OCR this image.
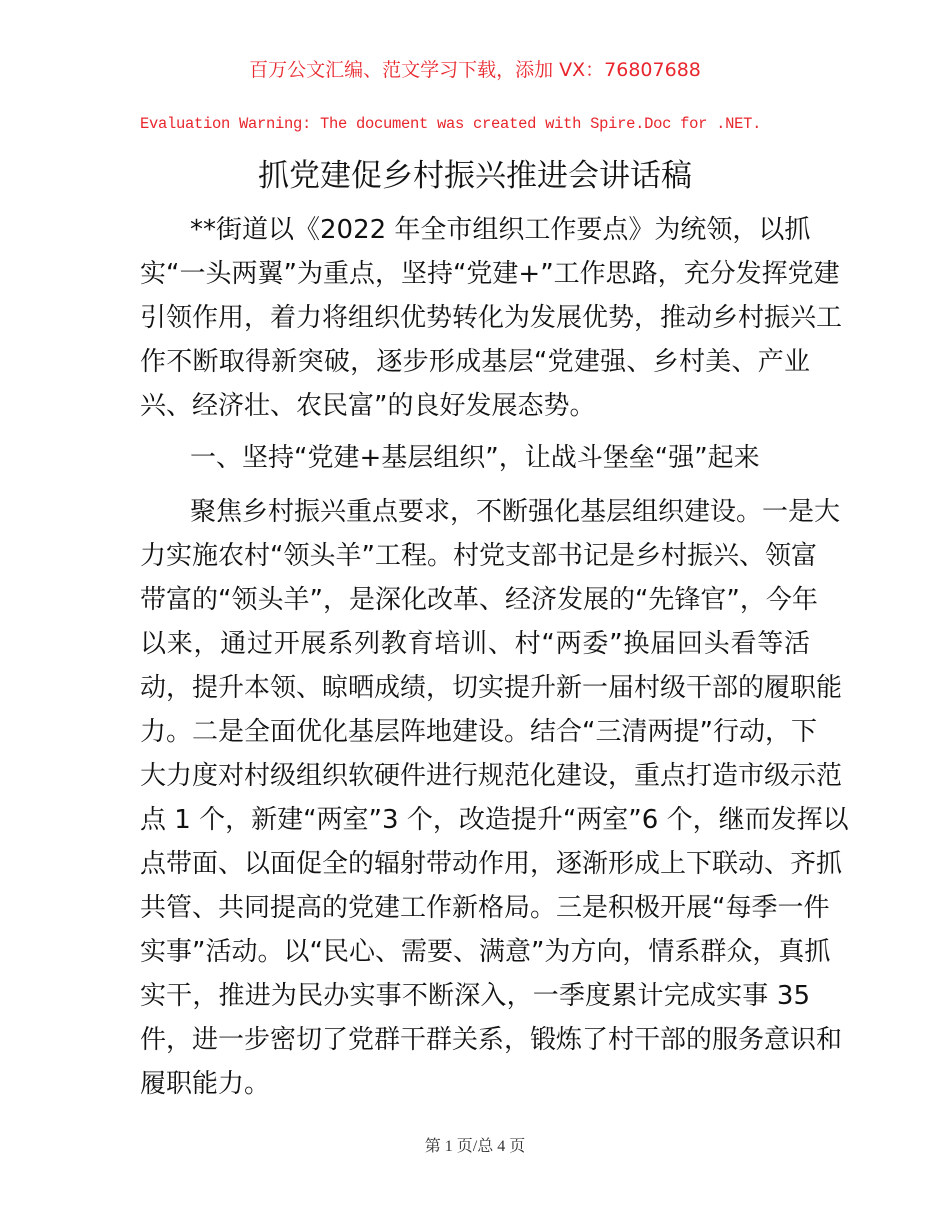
百万公文汇编、范文学习下载，添加 VX：76807688
Evaluation Warning: The document was created with Spire.Doc for .NET.
抓党建促乡村振兴推进会讲话稿
**街道以《2022 年全市组织工作要点》为统领，以抓
实“一头两翼”为重点，坚持“党建+”工作思路，充分发挥党建
引领作用，着力将组织优势转化为发展优势，推动乡村振兴工
作不断取得新突破，逐步形成基层“党建强、乡村美、产业
兴、经济壮、农民富”的良好发展态势。
一、坚持“党建+基层组织”，让战斗堡垒“强”起来
聚焦乡村振兴重点要求，不断强化基层组织建设。一是大
力实施农村“领头羊”工程。村党支部书记是乡村振兴、领富
带富的“领头羊”，是深化改革、经济发展的“先锋官”，今年
以来，通过开展系列教育培训、村“两委”换届回头看等活
动，提升本领、晾晒成绩，切实提升新一届村级干部的履职能
力。二是全面优化基层阵地建设。结合“三清两提”行动，下
大力度对村级组织软硬件进行规范化建设，重点打造市级示范
点 1 个，新建“两室”3 个，改造提升“两室”6 个，继而发挥以
点带面、以面促全的辐射带动作用，逐渐形成上下联动、齐抓
共管、共同提高的党建工作新格局。三是积极开展“每季一件
实事”活动。以“民心、需要、满意”为方向，情系群众，真抓
实干，推进为民办实事不断深入，一季度累计完成实事 35
件，进一步密切了党群干群关系，锻炼了村干部的服务意识和
履职能力。
第 1 页/总 4 页
